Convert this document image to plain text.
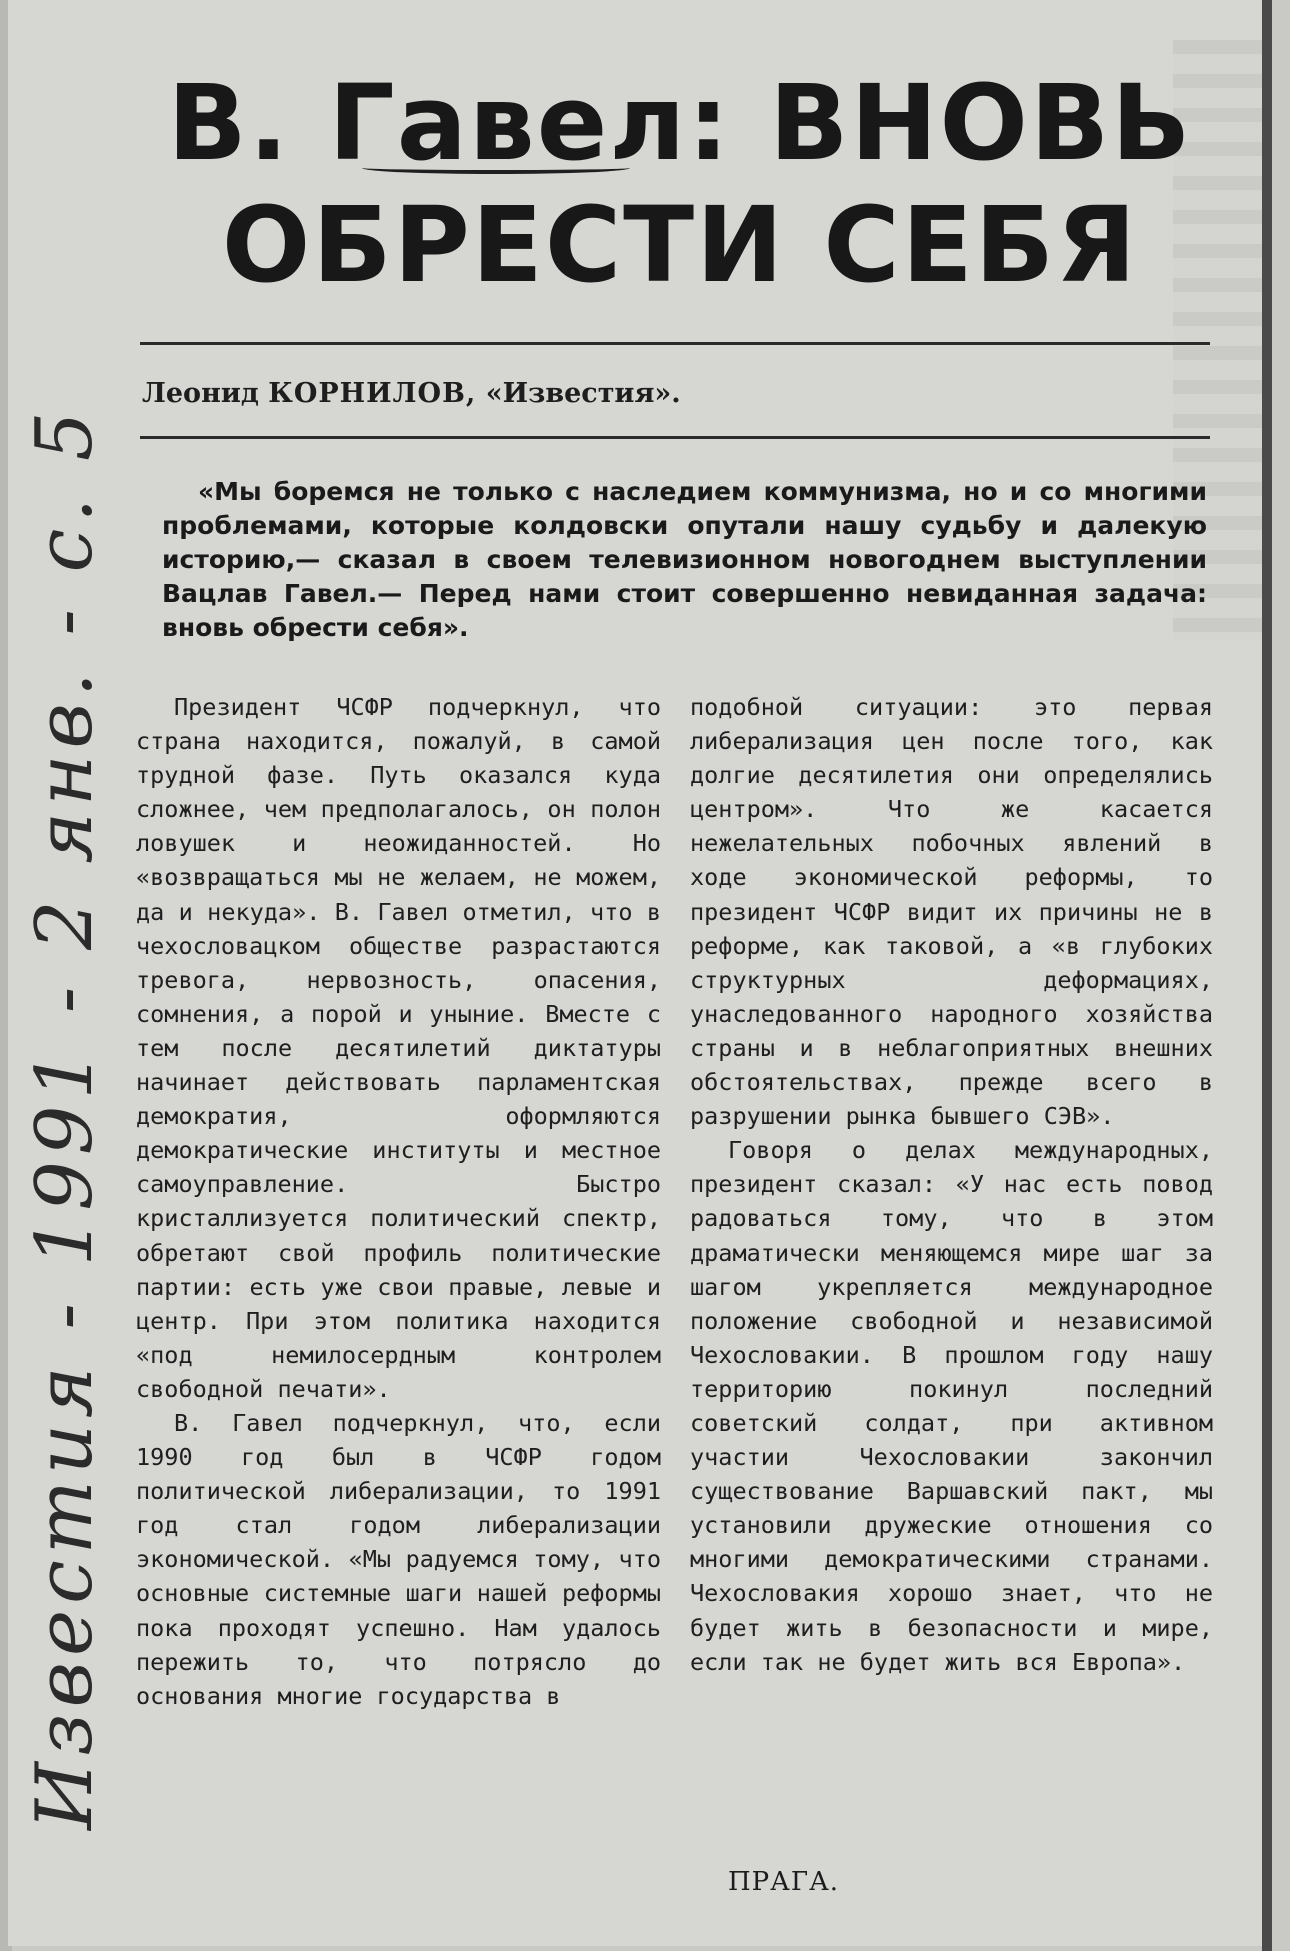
В. Гавел: ВНОВЬ
ОБРЕСТИ СЕБЯ
Леонид КОРНИЛОВ, «Известия».

«Мы боремся не только с наследием коммунизма, но и со многими проблемами, которые колдовски опутали нашу судьбу и далекую историю,— сказал в своем телевизионном новогоднем выступлении Вацлав Гавел.— Перед нами стоит совершенно невиданная задача: вновь обрести себя».

Президент ЧСФР подчеркнул, что страна находится, пожалуй, в самой трудной фазе. Путь оказался куда сложнее, чем предполагалось, он полон ловушек и неожиданностей. Но «возвращаться мы не желаем, не можем, да и некуда». В. Гавел отметил, что в чехословацком обществе разрастаются тревога, нервозность, опасения, сомнения, а порой и уныние. Вместе с тем после десятилетий диктатуры начинает действовать парламентская демократия, оформляются демократические институты и местное самоуправление. Быстро кристаллизуется политический спектр, обретают свой профиль политические партии: есть уже свои правые, левые и центр. При этом политика находится «под немилосердным контролем свободной печати».

В. Гавел подчеркнул, что, если 1990 год был в ЧСФР годом политической либерализации, то 1991 год стал годом либерализации экономической. «Мы радуемся тому, что основные системные шаги нашей реформы пока проходят успешно. Нам удалось пережить то, что потрясло до основания многие государства в

подобной ситуации: это первая либерализация цен после того, как долгие десятилетия они определялись центром». Что же касается нежелательных побочных явлений в ходе экономической реформы, то президент ЧСФР видит их причины не в реформе, как таковой, а «в глубоких структурных деформациях, унаследованного народного хозяйства страны и в неблагоприятных внешних обстоятельствах, прежде всего в разрушении рынка бывшего СЭВ».

Говоря о делах международных, президент сказал: «У нас есть повод радоваться тому, что в этом драматически меняющемся мире шаг за шагом укрепляется международное положение свободной и независимой Чехословакии. В прошлом году нашу территорию покинул последний советский солдат, при активном участии Чехословакии закончил существование Варшавский пакт, мы установили дружеские отношения со многими демократическими странами. Чехословакия хорошо знает, что не будет жить в безопасности и мире, если так не будет жить вся Европа».

ПРАГА.
Известия - 1991 - 2 янв. - с. 5
